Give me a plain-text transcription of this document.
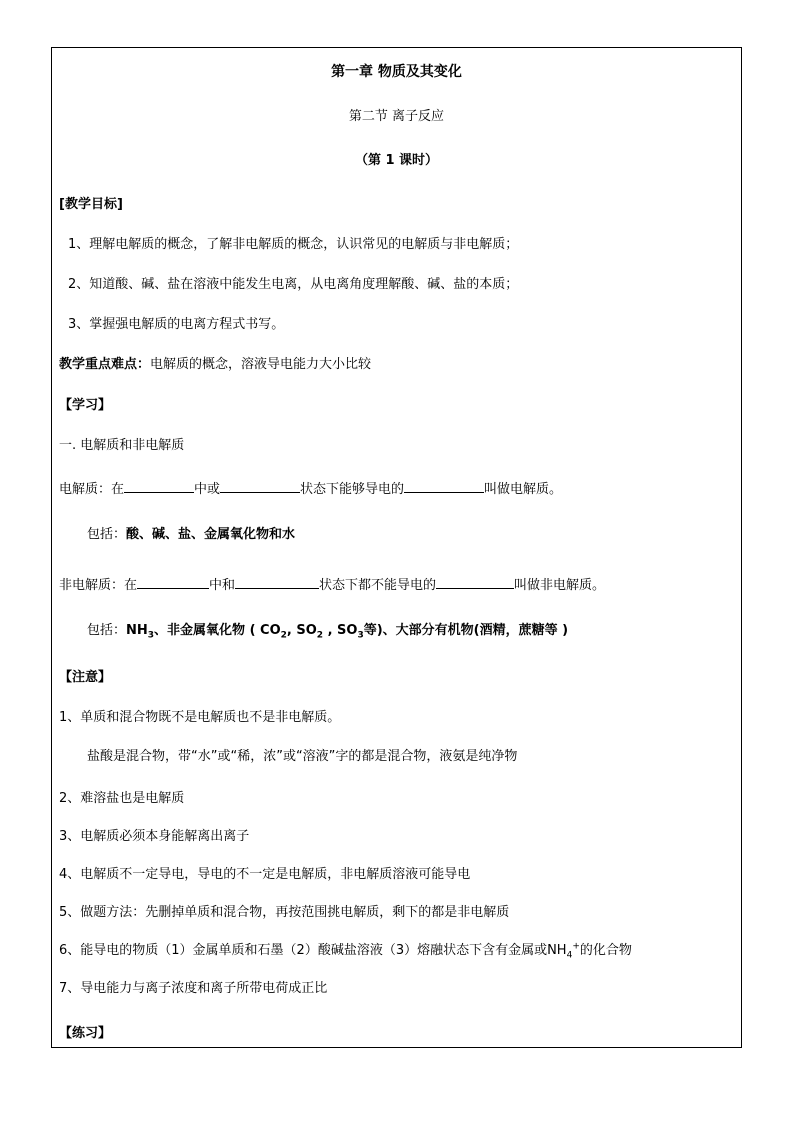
第一章 物质及其变化
第二节 离子反应
（第 1 课时）
[教学目标]
1、理解电解质的概念，了解非电解质的概念，认识常见的电解质与非电解质；
2、知道酸、碱、盐在溶液中能发生电离，从电离角度理解酸、碱、盐的本质；
3、掌握强电解质的电离方程式书写。
教学重点难点：电解质的概念，溶液导电能力大小比较
【学习】
一. 电解质和非电解质
电解质：在	中或	状态下能够导电的	叫做电解质。
包括：酸、碱、盐、金属氧化物和水
非电解质：在	中和	状态下都不能导电的	叫做非电解质。
包括：$NH_3$、非金属氧化物 ( $CO_2$, $SO_2$ , $SO_3$等)、大部分有机物(酒精，蔗糖等 )
【注意】
1、单质和混合物既不是电解质也不是非电解质。
盐酸是混合物，带“水”或“稀，浓”或“溶液”字的都是混合物，液氨是纯净物
2、难溶盐也是电解质
3、电解质必须本身能解离出离子
4、电解质不一定导电，导电的不一定是电解质，非电解质溶液可能导电
5、做题方法：先删掉单质和混合物，再按范围挑电解质，剩下的都是非电解质
6、能导电的物质（1）金属单质和石墨（2）酸碱盐溶液（3）熔融状态下含有金属或$NH_4^+$的化合物
7、导电能力与离子浓度和离子所带电荷成正比
【练习】
